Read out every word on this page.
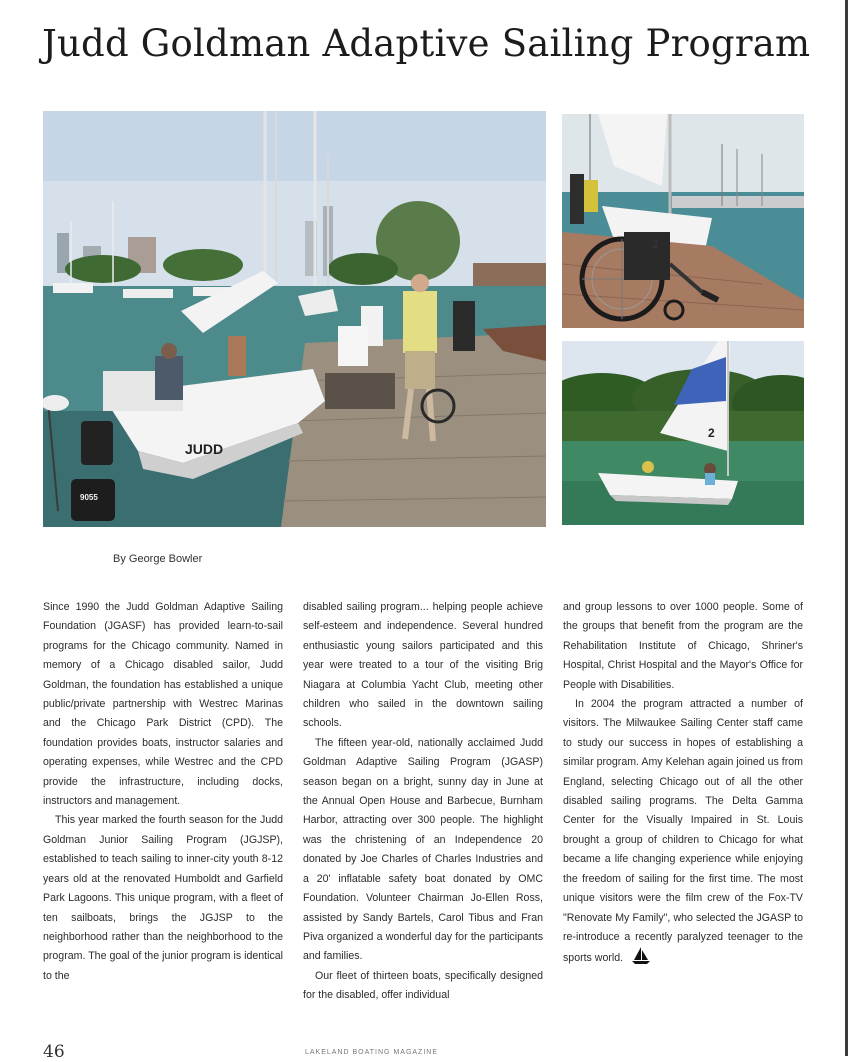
Judd Goldman Adaptive Sailing Program
JUDD
9055
2
2
By George Bowler

Since 1990 the Judd Goldman Adaptive Sailing Foundation (JGASF) has provided learn-to-sail programs for the Chicago community. Named in memory of a Chicago disabled sailor, Judd Goldman, the foundation has established a unique public/private partnership with Westrec Marinas and the Chicago Park District (CPD). The foundation provides boats, instructor salaries and operating expenses, while Westrec and the CPD provide the infrastructure, including docks, instructors and management.

This year marked the fourth season for the Judd Goldman Junior Sailing Program (JGJSP), established to teach sailing to inner-city youth 8-12 years old at the renovated Humboldt and Garfield Park Lagoons. This unique program, with a fleet of ten sailboats, brings the JGJSP to the neighborhood rather than the neighborhood to the program. The goal of the junior program is identical to the

disabled sailing program... helping people achieve self-esteem and independence. Several hundred enthusiastic young sailors participated and this year were treated to a tour of the visiting Brig Niagara at Columbia Yacht Club, meeting other children who sailed in the downtown sailing schools.

The fifteen year-old, nationally acclaimed Judd Goldman Adaptive Sailing Program (JGASP) season began on a bright, sunny day in June at the Annual Open House and Barbecue, Burnham Harbor, attracting over 300 people. The highlight was the christening of an Independence 20 donated by Joe Charles of Charles Industries and a 20' inflatable safety boat donated by OMC Foundation. Volunteer Chairman Jo-Ellen Ross, assisted by Sandy Bartels, Carol Tibus and Fran Piva organized a wonderful day for the participants and families.

Our fleet of thirteen boats, specifically designed for the disabled, offer individual

and group lessons to over 1000 people. Some of the groups that benefit from the program are the Rehabilitation Institute of Chicago, Shriner's Hospital, Christ Hospital and the Mayor's Office for People with Disabilities.

In 2004 the program attracted a number of visitors. The Milwaukee Sailing Center staff came to study our success in hopes of establishing a similar program. Amy Kelehan again joined us from England, selecting Chicago out of all the other disabled sailing programs. The Delta Gamma Center for the Visually Impaired in St. Louis brought a group of children to Chicago for what became a life changing experience while enjoying the freedom of sailing for the first time. The most unique visitors were the film crew of the Fox-TV "Renovate My Family", who selected the JGASP to re-introduce a recently paralyzed teenager to the sports world.

46	LAKELAND BOATING MAGAZINE
